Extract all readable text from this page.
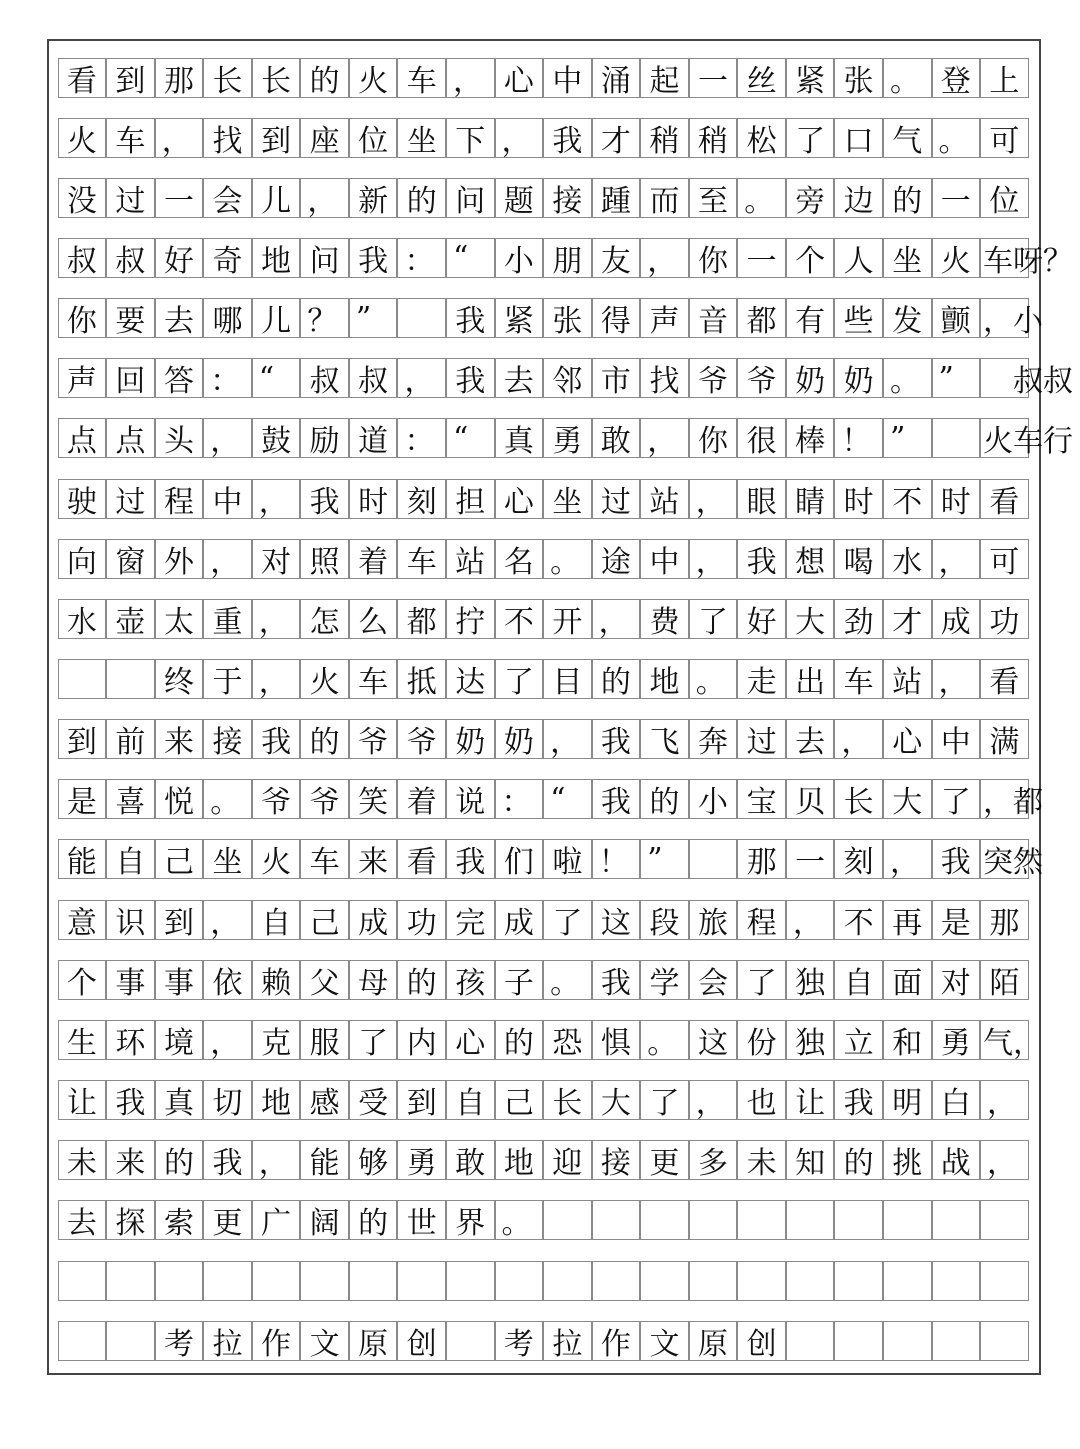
看 到 那 长 长 的 火 车 ， 心 中 涌 起 一 丝 紧 张 。 登 上
火 车 ， 找 到 座 位 坐 下 ， 我 才 稍 稍 松 了 口 气 。 可
没 过 一 会 儿 ， 新 的 问 题 接 踵 而 至 。 旁 边 的 一 位
叔 叔 好 奇 地 问 我 ： “	小 朋 友 ， 你 一 个 人 坐 火 车呀？
你 要 去 哪 儿 ？ ”	我 紧 张 得 声 音 都 有 些 发 颤 ，小
声 回 答 ： “	叔 叔 ， 我 去 邻 市 找 爷 爷 奶 奶 。 ” 　叔叔
点 点 头 ， 鼓 励 道 ： “	真 勇 敢 ， 你 很 棒 ！ ”	火车行
驶 过 程 中 ， 我 时 刻 担 心 坐 过 站 ， 眼 睛 时 不 时 看
向 窗 外 ， 对 照 着 车 站 名 。 途 中 ， 我 想 喝 水 ， 可
水 壶 太 重 ， 怎 么 都 拧 不 开 ， 费 了 好 大 劲 才 成 功
终 于 ， 火 车 抵 达 了 目 的 地 。 走 出 车 站 ， 看
到 前 来 接 我 的 爷 爷 奶 奶 ， 我 飞 奔 过 去 ， 心 中 满
是 喜 悦 。 爷 爷 笑 着 说 ： “	我 的 小 宝 贝 长 大 了 ，都
能 自 己 坐 火 车 来 看 我 们 啦 ！ ”	那 一 刻 ， 我 突然
意 识 到 ， 自 己 成 功 完 成 了 这 段 旅 程 ， 不 再 是 那
个 事 事 依 赖 父 母 的 孩 子 。 我 学 会 了 独 自 面 对 陌
生 环 境 ， 克 服 了 内 心 的 恐 惧 。 这 份 独 立 和 勇 气，
让 我 真 切 地 感 受 到 自 己 长 大 了 ， 也 让 我 明 白 ，
未 来 的 我 ， 能 够 勇 敢 地 迎 接 更 多 未 知 的 挑 战 ，
去 探 索 更 广 阔 的 世 界 。
考 拉 作 文 原 创	考 拉 作 文 原 创
